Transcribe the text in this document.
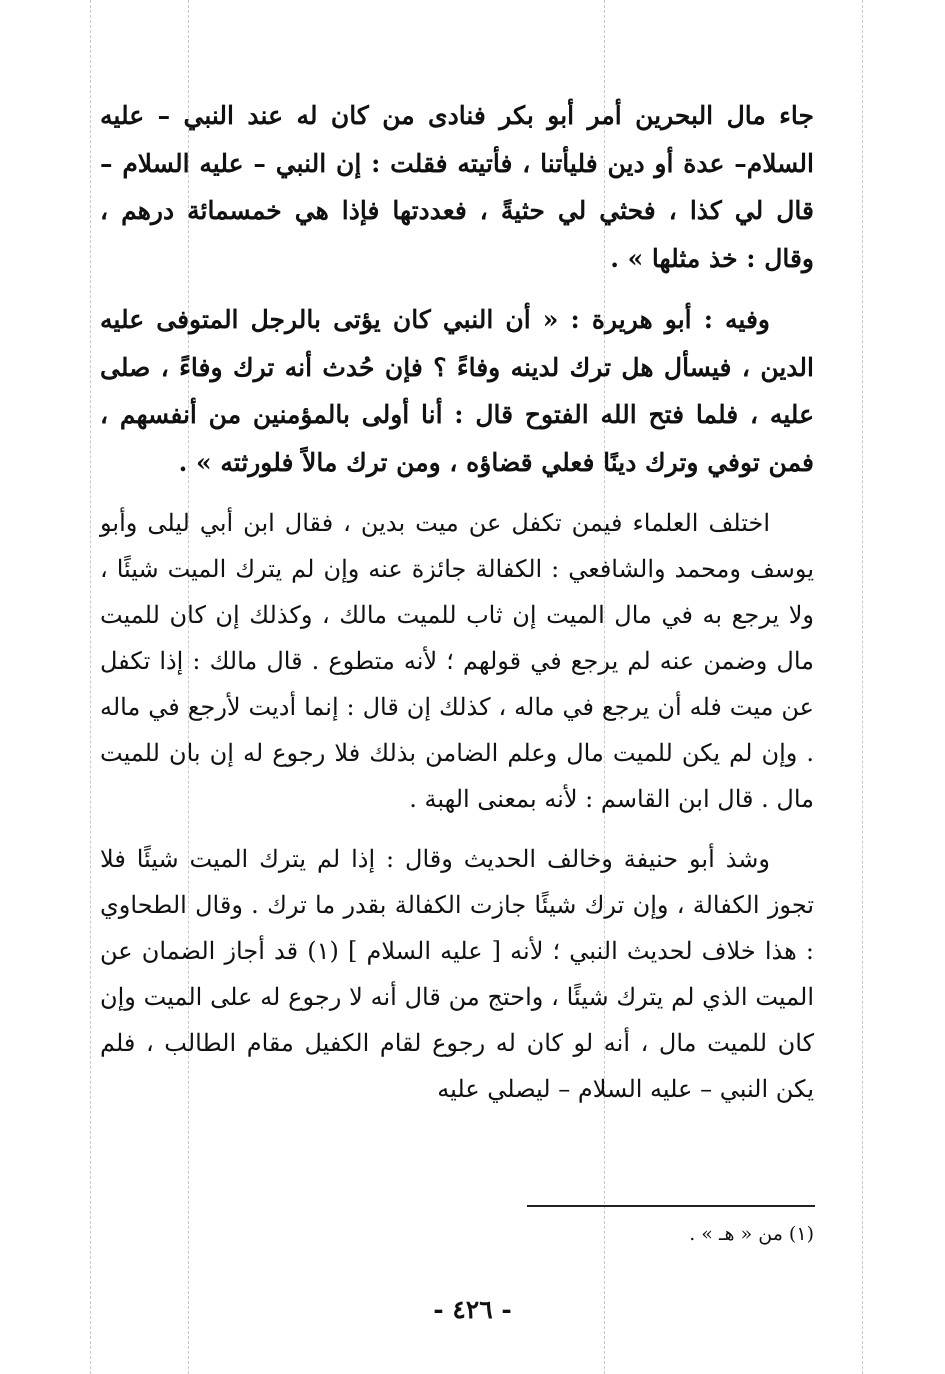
جاء مال البحرين أمر أبو بكر فنادى من كان له عند النبي – عليه السلام– عدة أو دين فليأتنا ، فأتيته فقلت : إن النبي – عليه السلام – قال لي كذا ، فحثي لي حثيةً ، فعددتها فإذا هي خمسمائة درهم ، وقال : خذ مثلها » .

وفيه : أبو هريرة : « أن النبي كان يؤتى بالرجل المتوفى عليه الدين ، فيسأل هل ترك لدينه وفاءً ؟ فإن حُدث أنه ترك وفاءً ، صلى عليه ، فلما فتح الله الفتوح قال : أنا أولى بالمؤمنين من أنفسهم ، فمن توفي وترك دينًا فعلي قضاؤه ، ومن ترك مالاً فلورثته » .

اختلف العلماء فيمن تكفل عن ميت بدين ، فقال ابن أبي ليلى وأبو يوسف ومحمد والشافعي : الكفالة جائزة عنه وإن لم يترك الميت شيئًا ، ولا يرجع به في مال الميت إن ثاب للميت مالك ، وكذلك إن كان للميت مال وضمن عنه لم يرجع في قولهم ؛ لأنه متطوع . قال مالك : إذا تكفل عن ميت فله أن يرجع في ماله ، كذلك إن قال : إنما أديت لأرجع في ماله . وإن لم يكن للميت مال وعلم الضامن بذلك فلا رجوع له إن بان للميت مال . قال ابن القاسم : لأنه بمعنى الهبة .

وشذ أبو حنيفة وخالف الحديث وقال : إذا لم يترك الميت شيئًا فلا تجوز الكفالة ، وإن ترك شيئًا جازت الكفالة بقدر ما ترك . وقال الطحاوي : هذا خلاف لحديث النبي ؛ لأنه [ عليه السلام ] (١) قد أجاز الضمان عن الميت الذي لم يترك شيئًا ، واحتج من قال أنه لا رجوع له على الميت وإن كان للميت مال ، أنه لو كان له رجوع لقام الكفيل مقام الطالب ، فلم يكن النبي – عليه السلام – ليصلي عليه

(١) من « هـ » .
- ٤٢٦ -
